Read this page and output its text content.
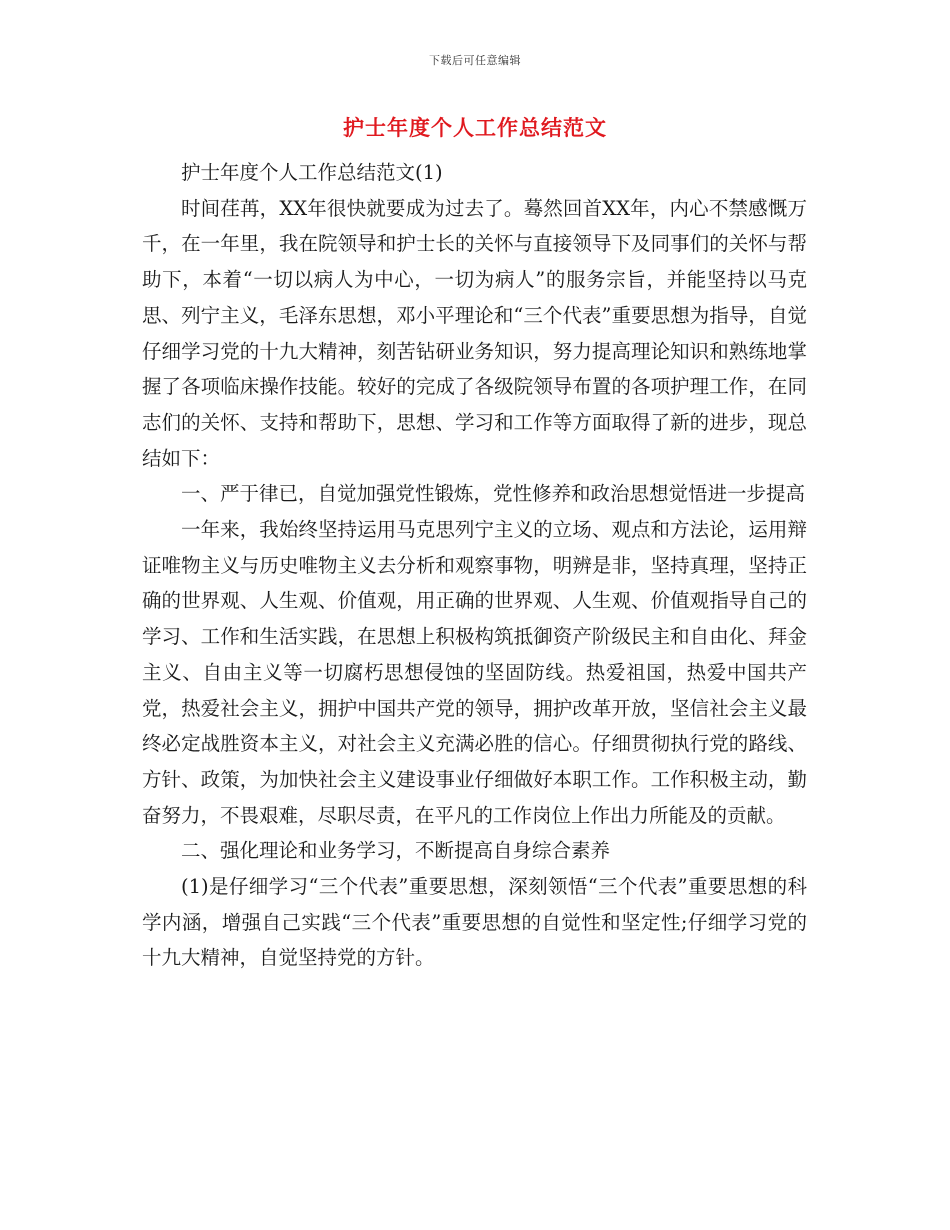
下载后可任意编辑
护士年度个人工作总结范文

护士年度个人工作总结范文(1)

时间荏苒，XX年很快就要成为过去了。蓦然回首XX年，内心不禁感慨万千，在一年里，我在院领导和护士长的关怀与直接领导下及同事们的关怀与帮助下，本着“一切以病人为中心，一切为病人”的服务宗旨，并能坚持以马克思、列宁主义，毛泽东思想，邓小平理论和“三个代表”重要思想为指导，自觉仔细学习党的十九大精神，刻苦钻研业务知识，努力提高理论知识和熟练地掌握了各项临床操作技能。较好的完成了各级院领导布置的各项护理工作，在同志们的关怀、支持和帮助下，思想、学习和工作等方面取得了新的进步，现总结如下：

一、严于律已，自觉加强党性锻炼，党性修养和政治思想觉悟进一步提高

一年来，我始终坚持运用马克思列宁主义的立场、观点和方法论，运用辩证唯物主义与历史唯物主义去分析和观察事物，明辨是非，坚持真理，坚持正确的世界观、人生观、价值观，用正确的世界观、人生观、价值观指导自己的学习、工作和生活实践，在思想上积极构筑抵御资产阶级民主和自由化、拜金主义、自由主义等一切腐朽思想侵蚀的坚固防线。热爱祖国，热爱中国共产党，热爱社会主义，拥护中国共产党的领导，拥护改革开放，坚信社会主义最终必定战胜资本主义，对社会主义充满必胜的信心。仔细贯彻执行党的路线、方针、政策，为加快社会主义建设事业仔细做好本职工作。工作积极主动，勤奋努力，不畏艰难，尽职尽责，在平凡的工作岗位上作出力所能及的贡献。

二、强化理论和业务学习，不断提高自身综合素养

(1)是仔细学习“三个代表”重要思想，深刻领悟“三个代表”重要思想的科学内涵，增强自己实践“三个代表”重要思想的自觉性和坚定性;仔细学习党的十九大精神，自觉坚持党的方针。
